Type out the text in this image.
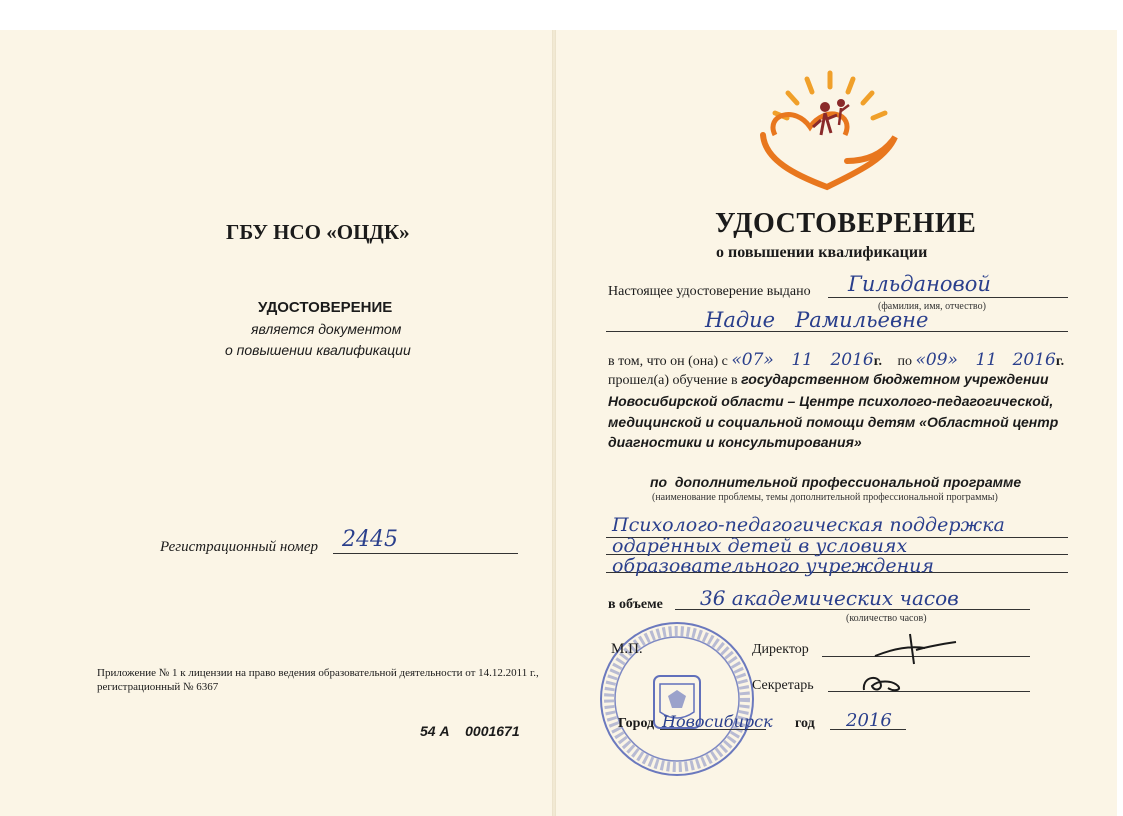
ГБУ НСО «ОЦДК»
УДОСТОВЕРЕНИЕ
является документом
о повышении квалификации
Регистрационный номер 2445
Приложение № 1 к лицензии на право ведения образовательной деятельности от 14.12.2011 г.,
регистрационный № 6367
54 А    0001671
УДОСТОВЕРЕНИЕ
о повышении квалификации
Настоящее удостоверение выдано Гильдановой
(фамилия, имя, отчество)
Надие   Рамильевне
в том, что он (она) с «07» 11 2016г. по «09» 11 2016г.
прошел(а) обучение в государственном бюджетном учреждении
Новосибирской области – Центре психолого-педагогической,
медицинской и социальной помощи детям «Областной центр
диагностики и консультирования»
по  дополнительной профессиональной программе
(наименование проблемы, темы дополнительной профессиональной программы)
Психолого-педагогическая поддержка
одарённых детей в условиях
образовательного учреждения
в объеме 36 академических часов
(количество часов)
М.П.	Директор
Секретарь
Город Новосибирск год 2016
